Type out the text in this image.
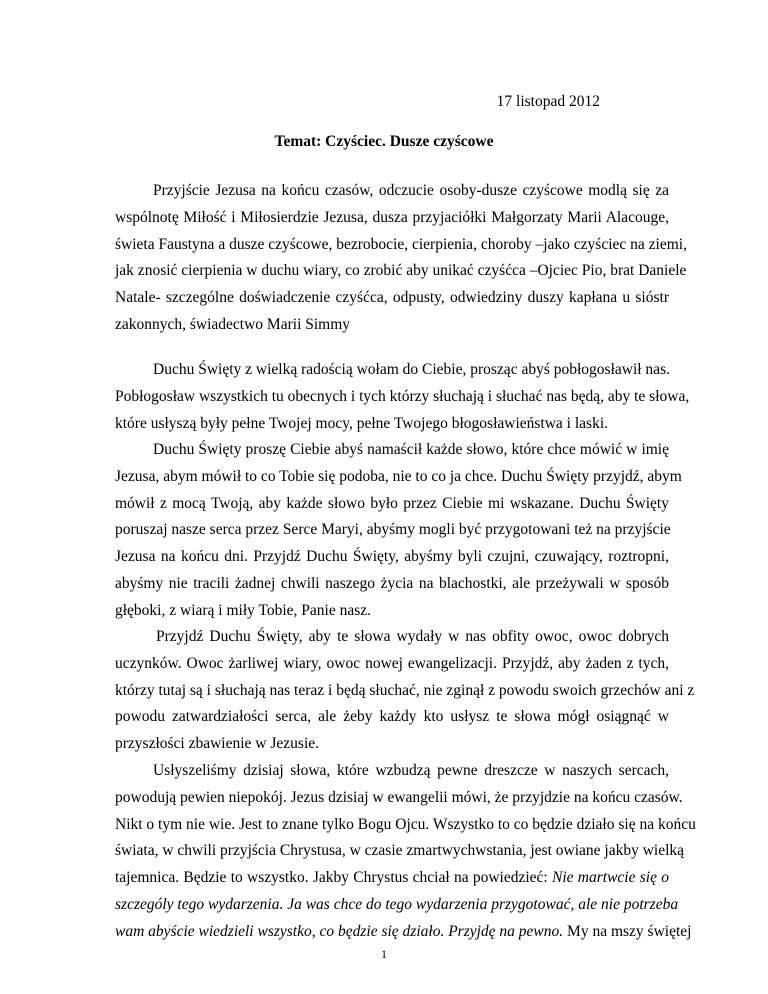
17 listopad 2012
Temat: Czyściec. Dusze czyścowe
Przyjście Jezusa na końcu czasów, odczucie osoby-dusze czyścowe modlą się za
wspólnotę Miłość i Miłosierdzie Jezusa, dusza przyjaciółki Małgorzaty Marii Alacouge,
świeta Faustyna a dusze czyścowe, bezrobocie, cierpienia, choroby –jako czyściec na ziemi,
jak znosić cierpienia w duchu wiary, co zrobić aby unikać czyśćca –Ojciec Pio, brat Daniele
Natale- szczególne doświadczenie czyśćca, odpusty, odwiedziny duszy kapłana u sióstr
zakonnych, świadectwo Marii Simmy
Duchu Święty z wielką radością wołam do Ciebie, prosząc abyś pobłogosławił nas.
Pobłogosław wszystkich tu obecnych i tych którzy słuchają i słuchać nas będą, aby te słowa,
które usłyszą były pełne Twojej mocy, pełne Twojego błogosławieństwa i laski.
Duchu Święty proszę Ciebie abyś namaścił każde słowo, które chce mówić w imię
Jezusa, abym mówił to co Tobie się podoba, nie to co ja chce. Duchu Święty przyjdź, abym
mówił z mocą Twoją, aby każde słowo było przez Ciebie mi wskazane. Duchu Święty
poruszaj nasze serca przez Serce Maryi, abyśmy mogli być przygotowani też na przyjście
Jezusa na końcu dni. Przyjdź Duchu Święty, abyśmy byli czujni, czuwający, roztropni,
abyśmy nie tracili żadnej chwili naszego życia na blachostki, ale przeżywali w sposób
głęboki, z wiarą i miły Tobie, Panie nasz.
Przyjdź Duchu Święty, aby te słowa wydały w nas obfity owoc, owoc dobrych
uczynków. Owoc żarliwej wiary, owoc nowej ewangelizacji. Przyjdź, aby żaden z tych,
którzy tutaj są i słuchają nas teraz i będą słuchać, nie zginął z powodu swoich grzechów ani z
powodu zatwardziałości serca, ale żeby każdy kto usłysz te słowa mógł osiągnąć w
przyszłości zbawienie w Jezusie.
Usłyszeliśmy dzisiaj słowa, które wzbudzą pewne dreszcze w naszych sercach,
powodują pewien niepokój. Jezus dzisiaj w ewangelii mówi, że przyjdzie na końcu czasów.
Nikt o tym nie wie. Jest to znane tylko Bogu Ojcu. Wszystko to co będzie działo się na końcu
świata, w chwili przyjścia Chrystusa, w czasie zmartwychwstania, jest owiane jakby wielką
tajemnica. Będzie to wszystko. Jakby Chrystus chciał na powiedzieć: Nie martwcie się o
szczególy tego wydarzenia. Ja was chce do tego wydarzenia przygotować, ale nie potrzeba
wam abyście wiedzieli wszystko, co będzie się działo. Przyjdę na pewno. My na mszy świętej
1
